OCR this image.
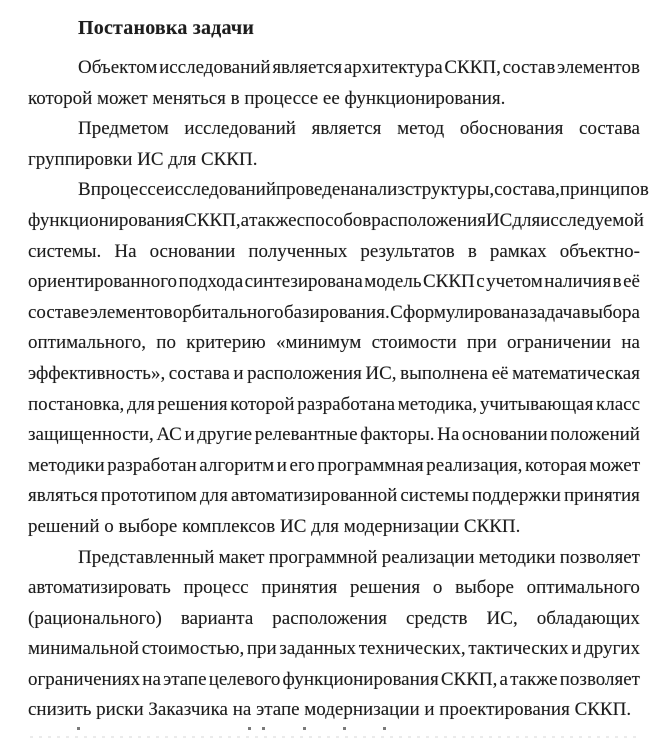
Постановка задачи
Объектом исследований является архитектура СККП, состав элементов
которой может меняться в процессе ее функционирования.
Предметом исследований является метод обоснования состава
группировки ИС для СККП.
В процессе исследований проведен анализ структуры, состава, принципов
функционирования СККП, а также способов расположения ИС для исследуемой
системы. На основании полученных результатов в рамках объектно-
ориентированного подхода синтезирована модель СККП с учетом наличия в её
составе элементов орбитального базирования. Сформулирована задача выбора
оптимального, по критерию «минимум стоимости при ограничении на
эффективность», состава и расположения ИС, выполнена её математическая
постановка, для решения которой разработана методика, учитывающая класс
защищенности, АС и другие релевантные факторы. На основании положений
методики разработан алгоритм и его программная реализация, которая может
являться прототипом для автоматизированной системы поддержки принятия
решений о выборе комплексов ИС для модернизации СККП.
Представленный макет программной реализации методики позволяет
автоматизировать процесс принятия решения о выборе оптимального
(рационального) варианта расположения средств ИС, обладающих
минимальной стоимостью, при заданных технических, тактических и других
ограничениях на этапе целевого функционирования СККП, а также позволяет
снизить риски Заказчика на этапе модернизации и проектирования СККП.
